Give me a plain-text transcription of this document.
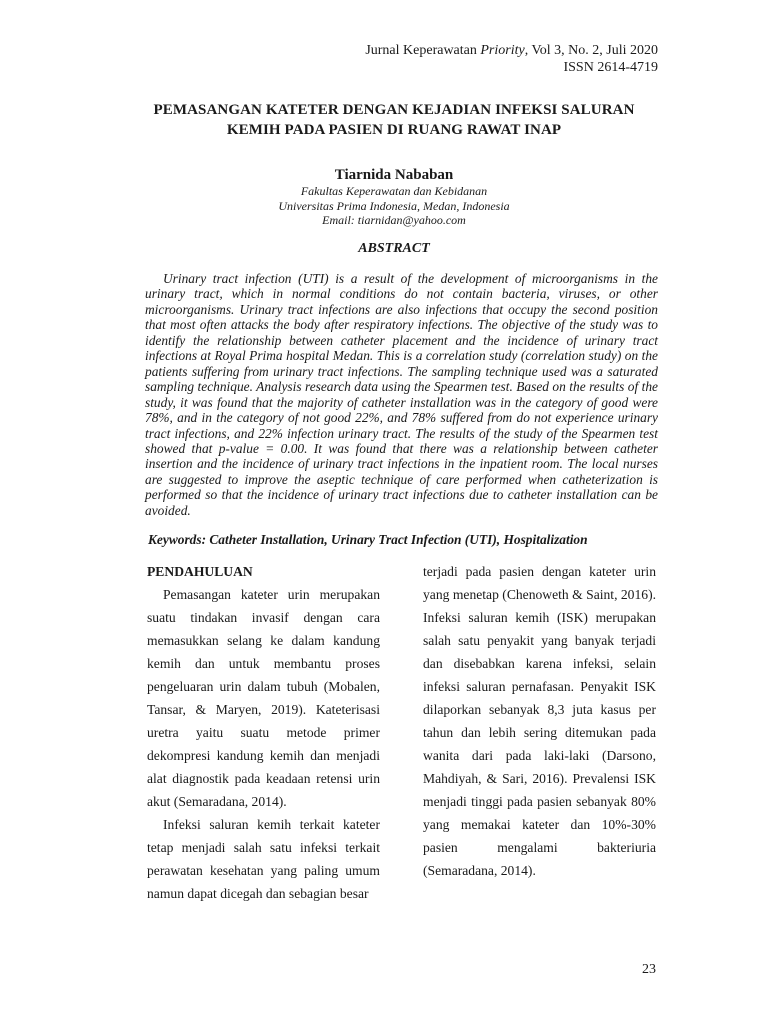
Jurnal Keperawatan Priority, Vol 3, No. 2, Juli 2020
ISSN 2614-4719
PEMASANGAN KATETER DENGAN KEJADIAN INFEKSI SALURAN
KEMIH PADA PASIEN DI RUANG RAWAT INAP
Tiarnida Nababan
Fakultas Keperawatan dan Kebidanan
Universitas Prima Indonesia, Medan, Indonesia
Email: tiarnidan@yahoo.com
ABSTRACT
Urinary tract infection (UTI) is a result of the development of microorganisms in the urinary tract, which in normal conditions do not contain bacteria, viruses, or other microorganisms. Urinary tract infections are also infections that occupy the second position that most often attacks the body after respiratory infections. The objective of the study was to identify the relationship between catheter placement and the incidence of urinary tract infections at Royal Prima hospital Medan. This is a correlation study (correlation study) on the patients suffering from urinary tract infections. The sampling technique used was a saturated sampling technique. Analysis research data using the Spearmen test. Based on the results of the study, it was found that the majority of catheter installation was in the category of good were 78%, and in the category of not good 22%, and 78% suffered from do not experience urinary tract infections, and 22% infection urinary tract. The results of the study of the Spearmen test showed that p-value = 0.00. It was found that there was a relationship between catheter insertion and the incidence of urinary tract infections in the inpatient room. The local nurses are suggested to improve the aseptic technique of care performed when catheterization is performed so that the incidence of urinary tract infections due to catheter installation can be avoided.
Keywords: Catheter Installation, Urinary Tract Infection (UTI), Hospitalization

PENDAHULUAN

Pemasangan kateter urin merupakan suatu tindakan invasif dengan cara memasukkan selang ke dalam kandung kemih dan untuk membantu proses pengeluaran urin dalam tubuh (Mobalen, Tansar, & Maryen, 2019). Kateterisasi uretra yaitu suatu metode primer dekompresi kandung kemih dan menjadi alat diagnostik pada keadaan retensi urin akut (Semaradana, 2014).

Infeksi saluran kemih terkait kateter tetap menjadi salah satu infeksi terkait perawatan kesehatan yang paling umum namun dapat dicegah dan sebagian besar

terjadi pada pasien dengan kateter urin yang menetap (Chenoweth & Saint, 2016). Infeksi saluran kemih (ISK) merupakan salah satu penyakit yang banyak terjadi dan disebabkan karena infeksi, selain infeksi saluran pernafasan. Penyakit ISK dilaporkan sebanyak 8,3 juta kasus per tahun dan lebih sering ditemukan pada wanita dari pada laki-laki (Darsono, Mahdiyah, & Sari, 2016). Prevalensi ISK menjadi tinggi pada pasien sebanyak 80% yang memakai kateter dan 10%-30% pasien mengalami bakteriuria (Semaradana, 2014).

23
